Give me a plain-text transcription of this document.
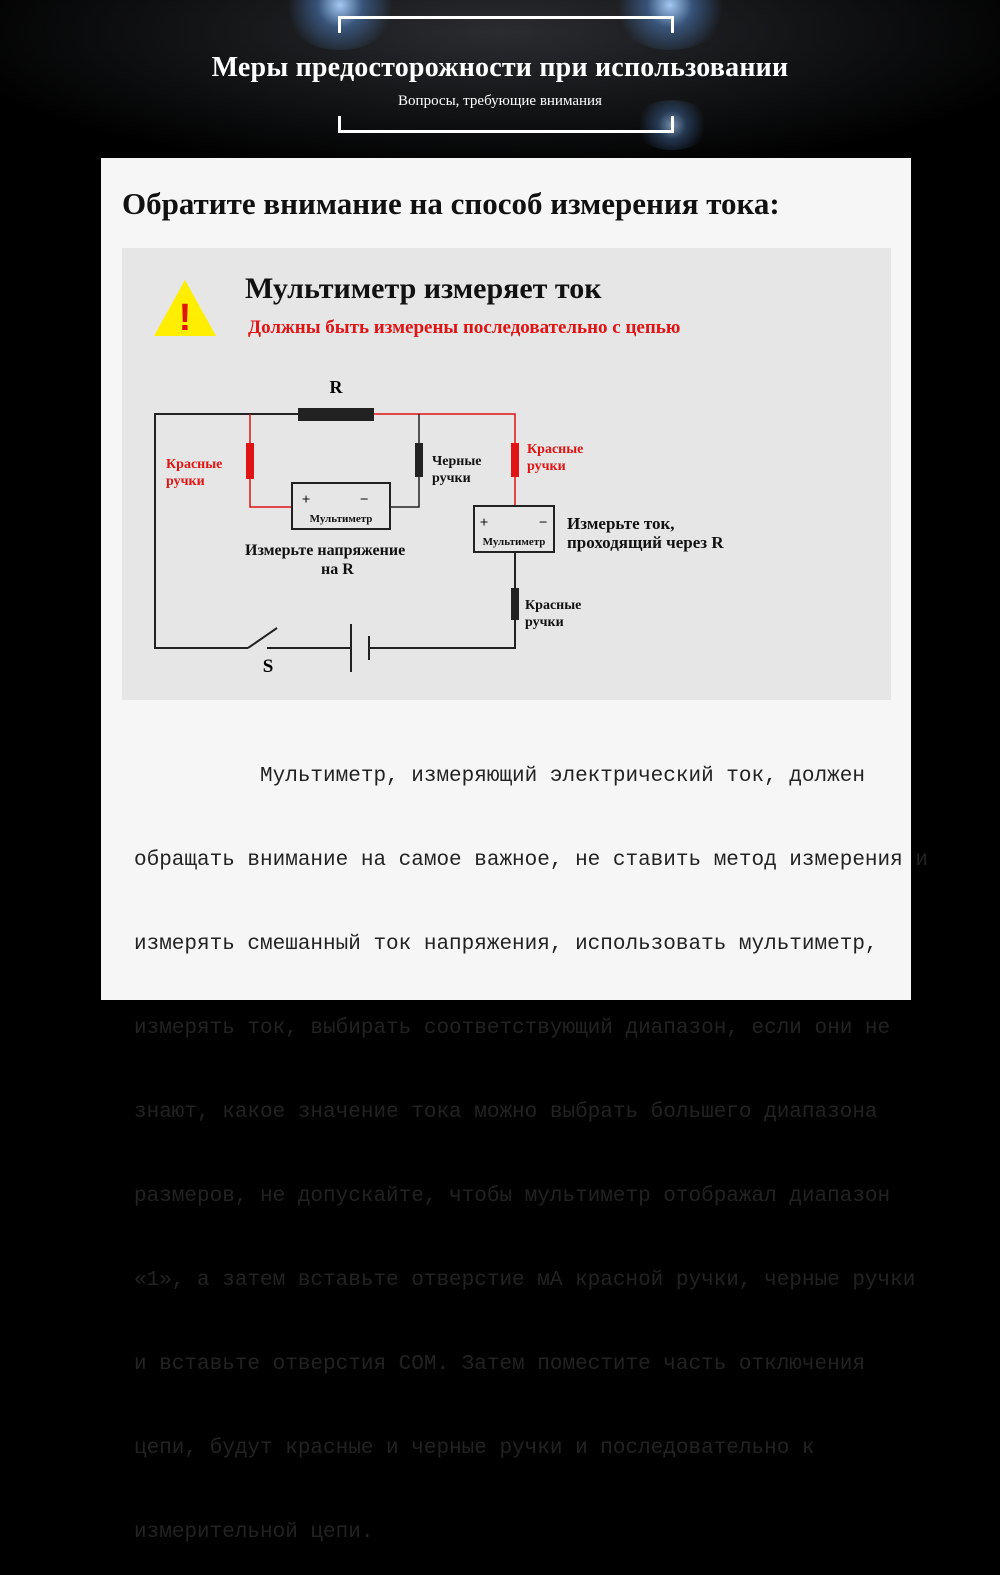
Меры предосторожности при использовании
Вопросы, требующие внимания
Обратите внимание на способ измерения тока:
!
Мультиметр измеряет ток
Должны быть измерены последовательно с цепью
R
+	−
Мультиметр	+	−
Мультиметр
S
Красные
ручки
Черные
ручки
Красные
ручки
Красные
ручки
Измерьте напряжение
на R
Измерьте ток,
проходящий через R

Мультиметр, измеряющий электрический ток, должен

обращать внимание на самое важное, не ставить метод измерения и

измерять смешанный ток напряжения, использовать мультиметр,

измерять ток, выбирать соответствующий диапазон, если они не

знают, какое значение тока можно выбрать большего диапазона

размеров, не допускайте, чтобы мультиметр отображал диапазон

«1», а затем вставьте отверстие мА красной ручки, черные ручки

и вставьте отверстия COM. Затем поместите часть отключения

цепи, будут красные и черные ручки и последовательно к

измерительной цепи.
